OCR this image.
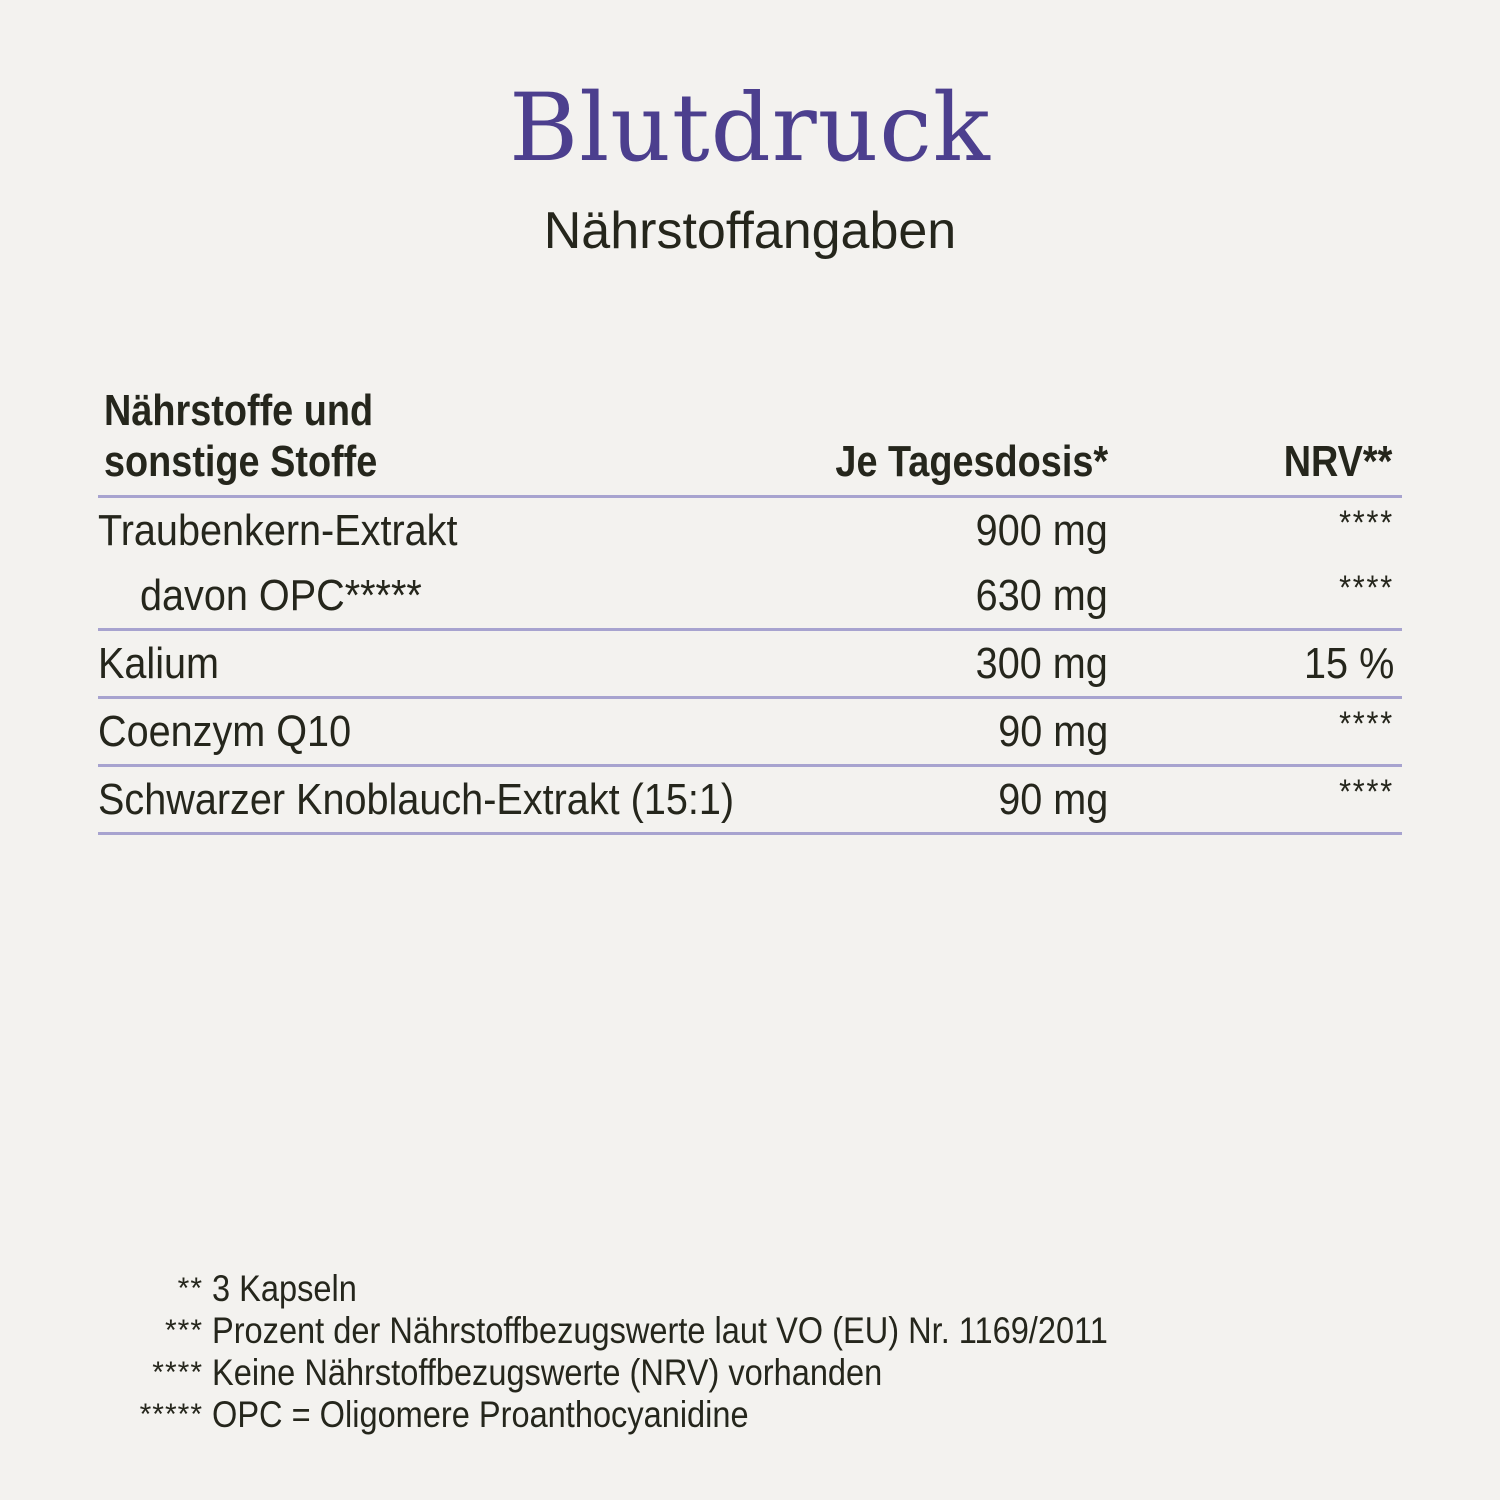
Blutdruck
Nährstoffangaben
Nährstoffe und
sonstige Stoffe	Je Tagesdosis*	NRV**
Traubenkern-Extrakt	900 mg	****
davon OPC*****	630 mg	****
Kalium	300 mg	15 %
Coenzym Q10	90 mg	****
Schwarzer Knoblauch-Extrakt (15:1)	90 mg	****
** 3 Kapseln
*** Prozent der Nährstoffbezugswerte laut VO (EU) Nr. 1169/2011
**** Keine Nährstoffbezugswerte (NRV) vorhanden
***** OPC = Oligomere Proanthocyanidine
